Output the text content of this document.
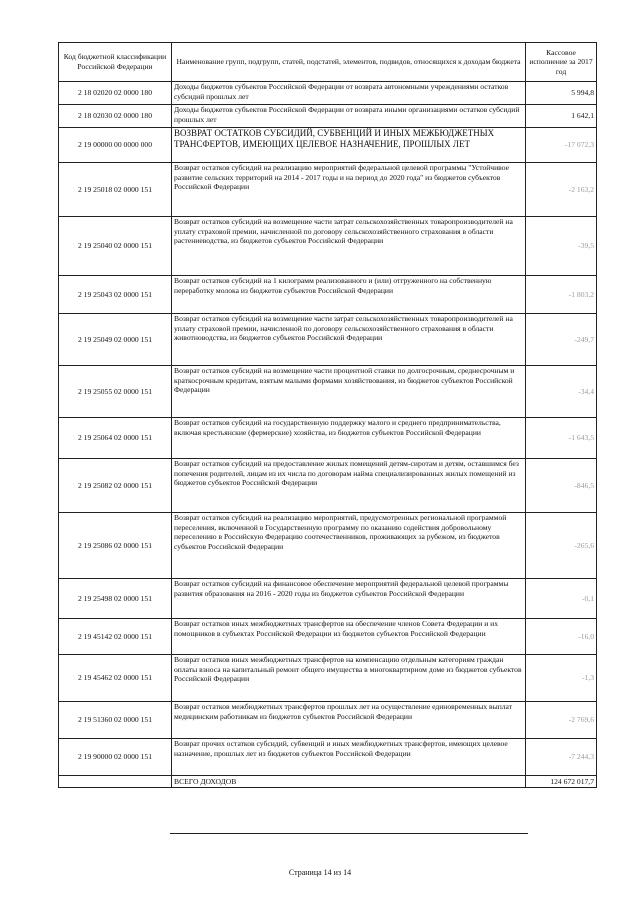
Код бюджетной классификации Российской Федерации	Наименование групп, подгрупп, статей, подстатей, элементов, подвидов, относящихся к доходам бюджета	Кассовое исполнение за 2017 год
2 18 02020 02 0000 180	Доходы бюджетов субъектов Российской Федерации от возврата автономными учреждениями остатков субсидий прошлых лет	5 994,8
2 18 02030 02 0000 180	Доходы бюджетов субъектов Российской Федерации от возврата иными организациями остатков субсидий прошлых лет	1 642,1
2 19 00000 00 0000 000	ВОЗВРАТ ОСТАТКОВ СУБСИДИЙ, СУБВЕНЦИЙ И ИНЫХ МЕЖБЮДЖЕТНЫХ ТРАНСФЕРТОВ, ИМЕЮЩИХ ЦЕЛЕВОЕ НАЗНАЧЕНИЕ, ПРОШЛЫХ ЛЕТ	-17 072,3
2 19 25018 02 0000 151	Возврат остатков субсидий на реализацию мероприятий федеральной целевой программы "Устойчивое развитие сельских территорий на 2014 - 2017 годы и на период до 2020 года" из бюджетов субъектов Российской Федерации	-2 163,2
2 19 25040 02 0000 151	Возврат остатков субсидий на возмещение части затрат сельскохозяйственных товаропроизводителей на уплату страховой премии, начисленной по договору сельскохозяйственного страхования в области растениеводства, из бюджетов субъектов Российской Федерации	-39,5
2 19 25043 02 0000 151	Возврат остатков субсидий на 1 килограмм реализованного и (или) отгруженного на собственную переработку молока из бюджетов субъектов Российской Федерации	-1 803,2
2 19 25049 02 0000 151	Возврат остатков субсидий на возмещение части затрат сельскохозяйственных товаропроизводителей на уплату страховой премии, начисленной по договору сельскохозяйственного страхования в области животноводства, из бюджетов субъектов Российской Федерации	-249,7
2 19 25055 02 0000 151	Возврат остатков субсидий на возмещение части процентной ставки по долгосрочным, среднесрочным и краткосрочным кредитам, взятым малыми формами хозяйствования, из бюджетов субъектов Российской Федерации	-34,4
2 19 25064 02 0000 151	Возврат остатков субсидий на государственную поддержку малого и среднего предпринимательства, включая крестьянские (фермерские) хозяйства, из бюджетов субъектов Российской Федерации	-1 643,5
2 19 25082 02 0000 151	Возврат остатков субсидий на предоставление жилых помещений детям-сиротам и детям, оставшимся без попечения родителей, лицам из их числа по договорам найма специализированных жилых помещений из бюджетов субъектов Российской Федерации	-846,5
2 19 25086 02 0000 151	Возврат остатков субсидий на реализацию мероприятий, предусмотренных региональной программой переселения, включенной в Государственную программу по оказанию содействия добровольному переселению в Российскую Федерацию соотечественников, проживающих за рубежом, из бюджетов субъектов Российской Федерации	-265,6
2 19 25498 02 0000 151	Возврат остатков субсидий на финансовое обеспечение мероприятий федеральной целевой программы развития образования на 2016 - 2020 годы из бюджетов субъектов Российской Федерации	-0,1
2 19 45142 02 0000 151	Возврат остатков иных межбюджетных трансфертов на обеспечение членов Совета Федерации и их помощников в субъектах Российской Федерации из бюджетов субъектов Российской Федерации	-16,0
2 19 45462 02 0000 151	Возврат остатков иных межбюджетных трансфертов на компенсацию отдельным категориям граждан оплаты взноса на капитальный ремонт общего имущества в многоквартирном доме из бюджетов субъектов Российской Федерации	-1,3
2 19 51360 02 0000 151	Возврат остатков межбюджетных трансфертов прошлых лет на осуществление единовременных выплат медицинским работникам из бюджетов субъектов Российской Федерации	-2 769,6
2 19 90000 02 0000 151	Возврат прочих остатков субсидий, субвенций и иных межбюджетных трансфертов, имеющих целевое назначение, прошлых лет из бюджетов субъектов Российской Федерации	-7 244,3
	ВСЕГО ДОХОДОВ	124 672 017,7
Страница 14 из 14
